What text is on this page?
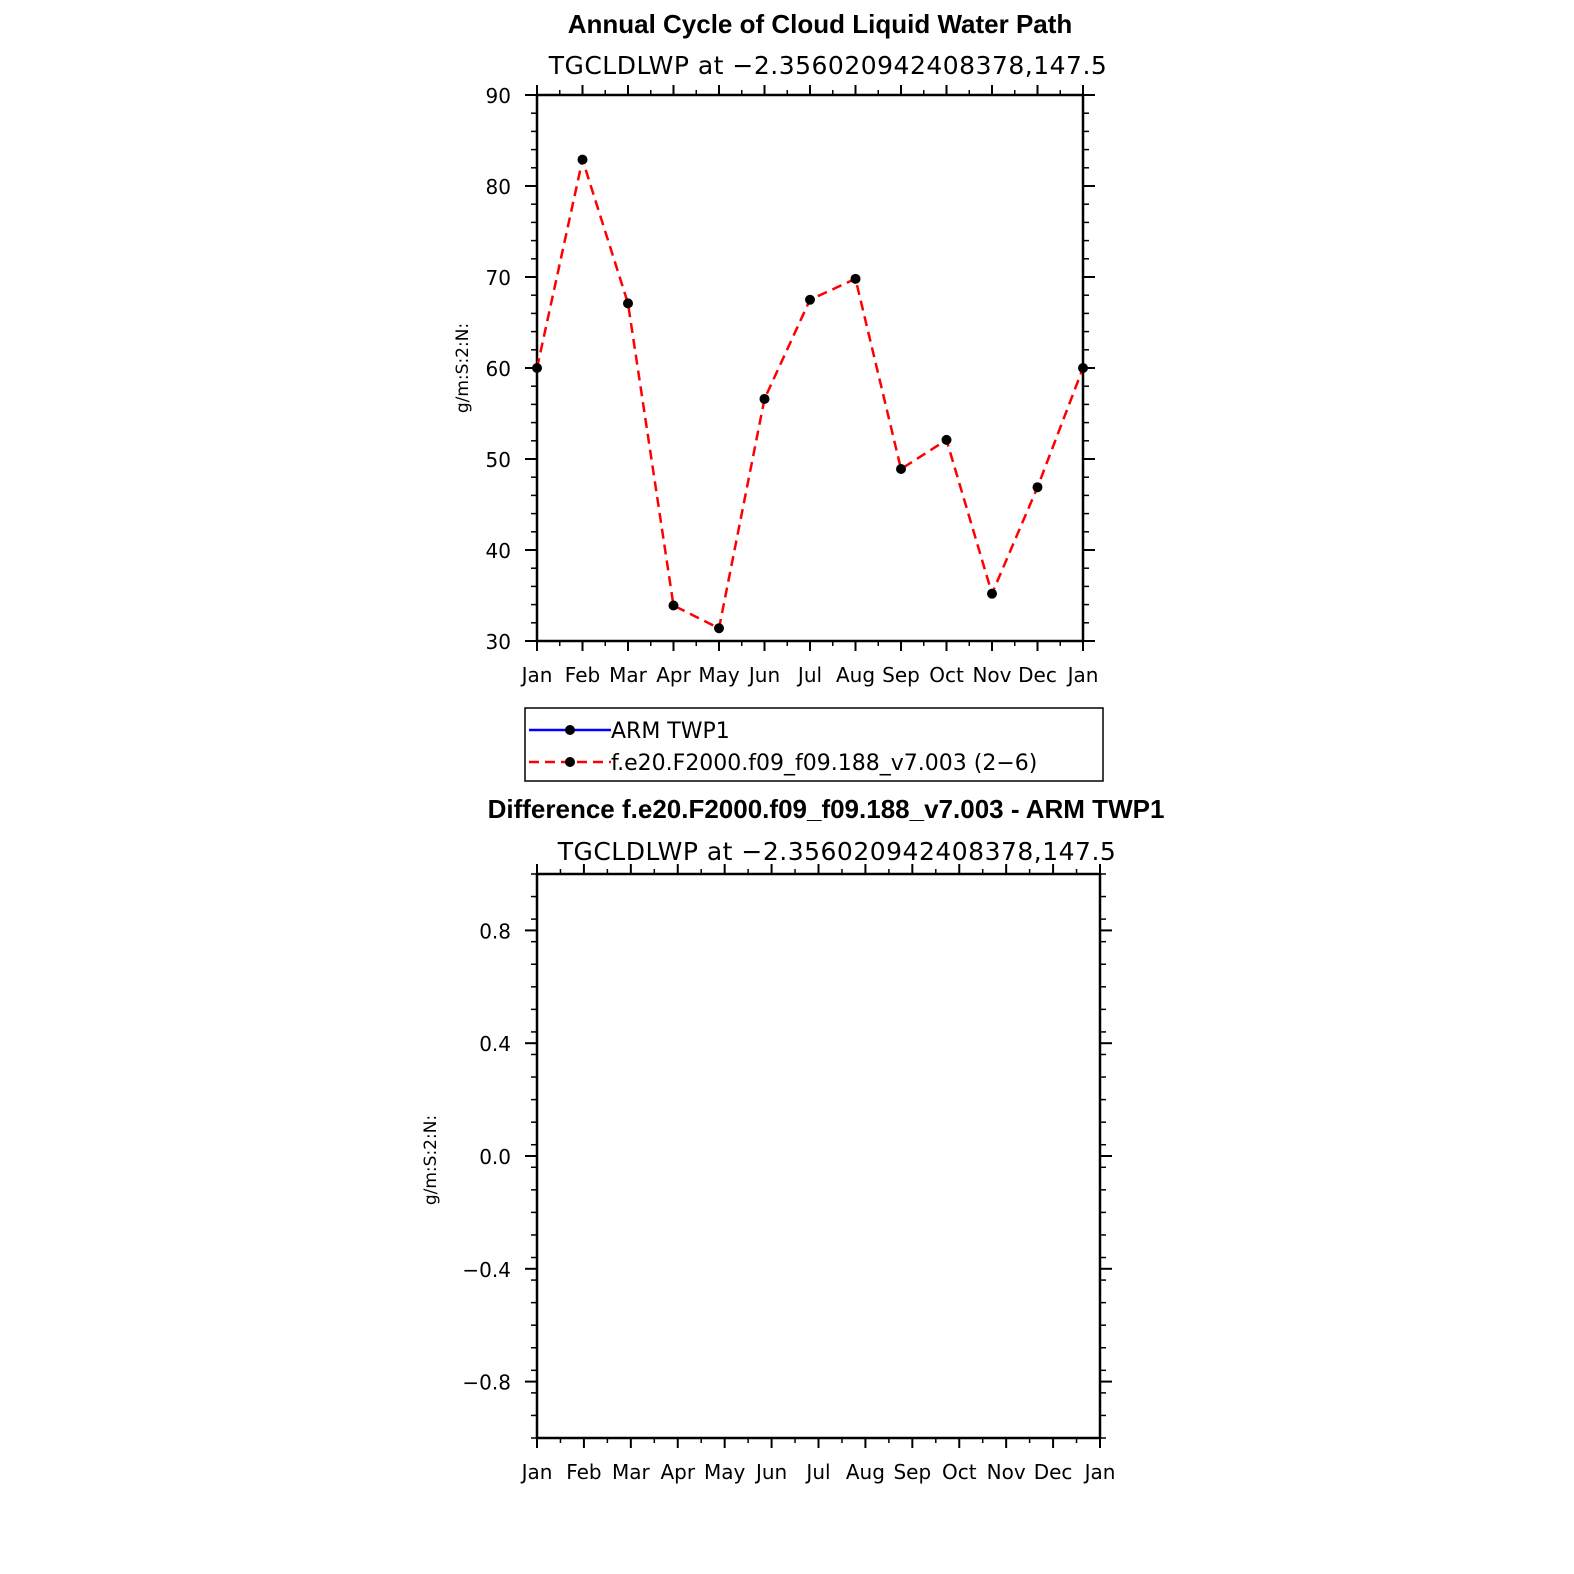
Annual Cycle of Cloud Liquid Water Path
TGCLDLWP at −2.356020942408378,147.5
g/m:S:2:N:
Jan Feb Mar Apr May Jun Jul Aug Sep Oct Nov Dec Jan
30
40
50
60
70
80
90
ARM TWP1
f.e20.F2000.f09_f09.188_v7.003 (2−6)
Difference f.e20.F2000.f09_f09.188_v7.003 - ARM TWP1
TGCLDLWP at −2.356020942408378,147.5
g/m:S:2:N:
Jan Feb Mar Apr May Jun Jul Aug Sep Oct Nov Dec Jan
−0.8
−0.4
0.0
0.4
0.8
